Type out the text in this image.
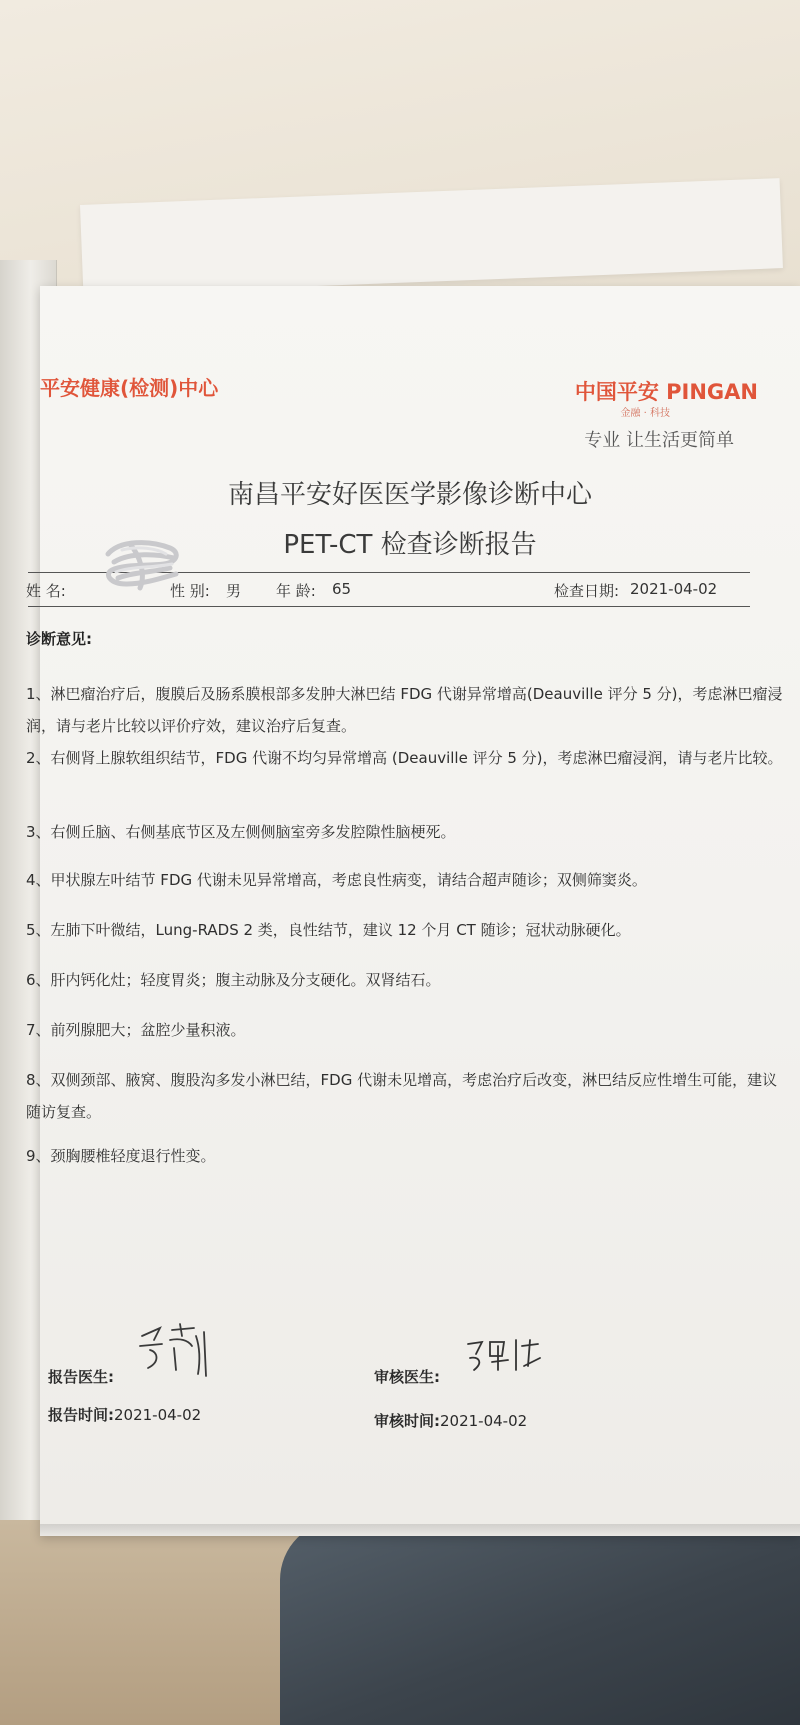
平安健康(检测)中心	中国平安 PINGAN
金融 · 科技
专业 让生活更简单
南昌平安好医医学影像诊断中心
PET-CT 检查诊断报告
姓 名:	性 别: 男 年 龄: 65	检查日期: 2021-04-02
诊断意见:
1、淋巴瘤治疗后，腹膜后及肠系膜根部多发肿大淋巴结 FDG 代谢异常增高(Deauville 评分 5 分)，考虑淋巴瘤浸润，请与老片比较以评价疗效，建议治疗后复查。
2、右侧肾上腺软组织结节，FDG 代谢不均匀异常增高 (Deauville 评分 5 分)，考虑淋巴瘤浸润，请与老片比较。
3、右侧丘脑、右侧基底节区及左侧侧脑室旁多发腔隙性脑梗死。
4、甲状腺左叶结节 FDG 代谢未见异常增高，考虑良性病变，请结合超声随诊；双侧筛窦炎。
5、左肺下叶微结，Lung-RADS 2 类，良性结节，建议 12 个月 CT 随诊；冠状动脉硬化。
6、肝内钙化灶；轻度胃炎；腹主动脉及分支硬化。双肾结石。
7、前列腺肥大；盆腔少量积液。
8、双侧颈部、腋窝、腹股沟多发小淋巴结，FDG 代谢未见增高，考虑治疗后改变，淋巴结反应性增生可能，建议随访复查。
9、颈胸腰椎轻度退行性变。
报告医生:	审核医生:
报告时间:2021-04-02	审核时间:2021-04-02
